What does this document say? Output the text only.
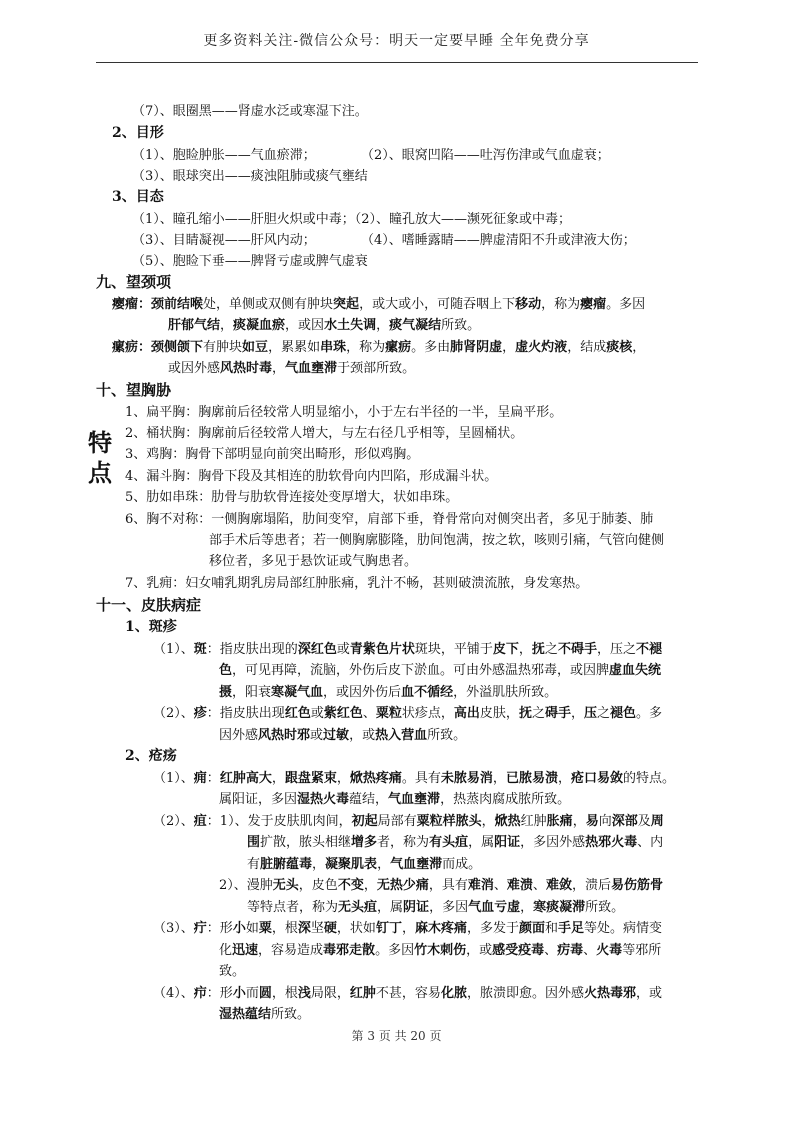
更多资料关注-微信公众号：明天一定要早睡 全年免费分享
特
点
（7）、眼圈黑——肾虚水泛或寒湿下注。
2、目形
（1）、胞睑肿胀——气血瘀滞；	（2）、眼窝凹陷——吐泻伤津或气血虚衰；
（3）、眼球突出——痰浊阻肺或痰气壅结
3、目态
（1）、瞳孔缩小——肝胆火炽或中毒；（2）、瞳孔放大——濒死征象或中毒；
（3）、目睛凝视——肝风内动；	（4）、嗜睡露睛——脾虚清阳不升或津液大伤；
（5）、胞睑下垂——脾肾亏虚或脾气虚衰
九、望颈项
瘿瘤：颈前结喉处，单侧或双侧有肿块突起，或大或小，可随吞咽上下移动，称为瘿瘤。多因
肝郁气结，痰凝血瘀，或因水土失调，痰气凝结所致。
瘰疬：颈侧颌下有肿块如豆，累累如串珠，称为瘰疬。多由肺肾阴虚，虚火灼液，结成痰核，
或因外感风热时毒，气血壅滞于颈部所致。
十、望胸胁
1、扁平胸：胸廓前后径较常人明显缩小，小于左右半径的一半，呈扁平形。
2、桶状胸：胸廓前后径较常人增大，与左右径几乎相等，呈圆桶状。
3、鸡胸：胸骨下部明显向前突出畸形，形似鸡胸。
4、漏斗胸：胸骨下段及其相连的肋软骨向内凹陷，形成漏斗状。
5、肋如串珠：肋骨与肋软骨连接处变厚增大，状如串珠。
6、胸不对称：一侧胸廓塌陷，肋间变窄，肩部下垂，脊骨常向对侧突出者，多见于肺萎、肺
部手术后等患者；若一侧胸廓膨隆，肋间饱满，按之软，咳则引痛，气管向健侧
移位者，多见于悬饮证或气胸患者。
7、乳痈：妇女哺乳期乳房局部红肿胀痛，乳汁不畅，甚则破溃流脓，身发寒热。
十一、皮肤病症
1、斑疹
（1）、斑：指皮肤出现的深红色或青紫色片状斑块，平铺于皮下，抚之不碍手，压之不褪
色，可见再障，流脑，外伤后皮下淤血。可由外感温热邪毒，或因脾虚血失统
摄，阳衰寒凝气血，或因外伤后血不循经，外溢肌肤所致。
（2）、疹：指皮肤出现红色或紫红色、粟粒状疹点，高出皮肤，抚之碍手，压之褪色。多
因外感风热时邪或过敏，或热入营血所致。
2、疮疡
（1）、痈：红肿高大，跟盘紧束，焮热疼痛。具有未脓易消，已脓易溃，疮口易敛的特点。
属阳证，多因湿热火毒蕴结，气血壅滞，热蒸肉腐成脓所致。
（2）、疽：1）、发于皮肤肌肉间，初起局部有粟粒样脓头，焮热红肿胀痛，易向深部及周
围扩散，脓头相继增多者，称为有头疽，属阳证，多因外感热邪火毒、内
有脏腑蕴毒，凝聚肌表，气血壅滞而成。
2）、漫肿无头，皮色不变，无热少痛，具有难消、难溃、难敛，溃后易伤筋骨
等特点者，称为无头疽，属阴证，多因气血亏虚，寒痰凝滞所致。
（3）、疔：形小如粟，根深坚硬，状如钉丁，麻木疼痛，多发于颜面和手足等处。病情变
化迅速，容易造成毒邪走散。多因竹木刺伤，或感受疫毒、疠毒、火毒等邪所
致。
（4）、疖：形小而圆，根浅局限，红肿不甚，容易化脓，脓溃即愈。因外感火热毒邪，或
湿热蕴结所致。
第 3 页 共 20 页
